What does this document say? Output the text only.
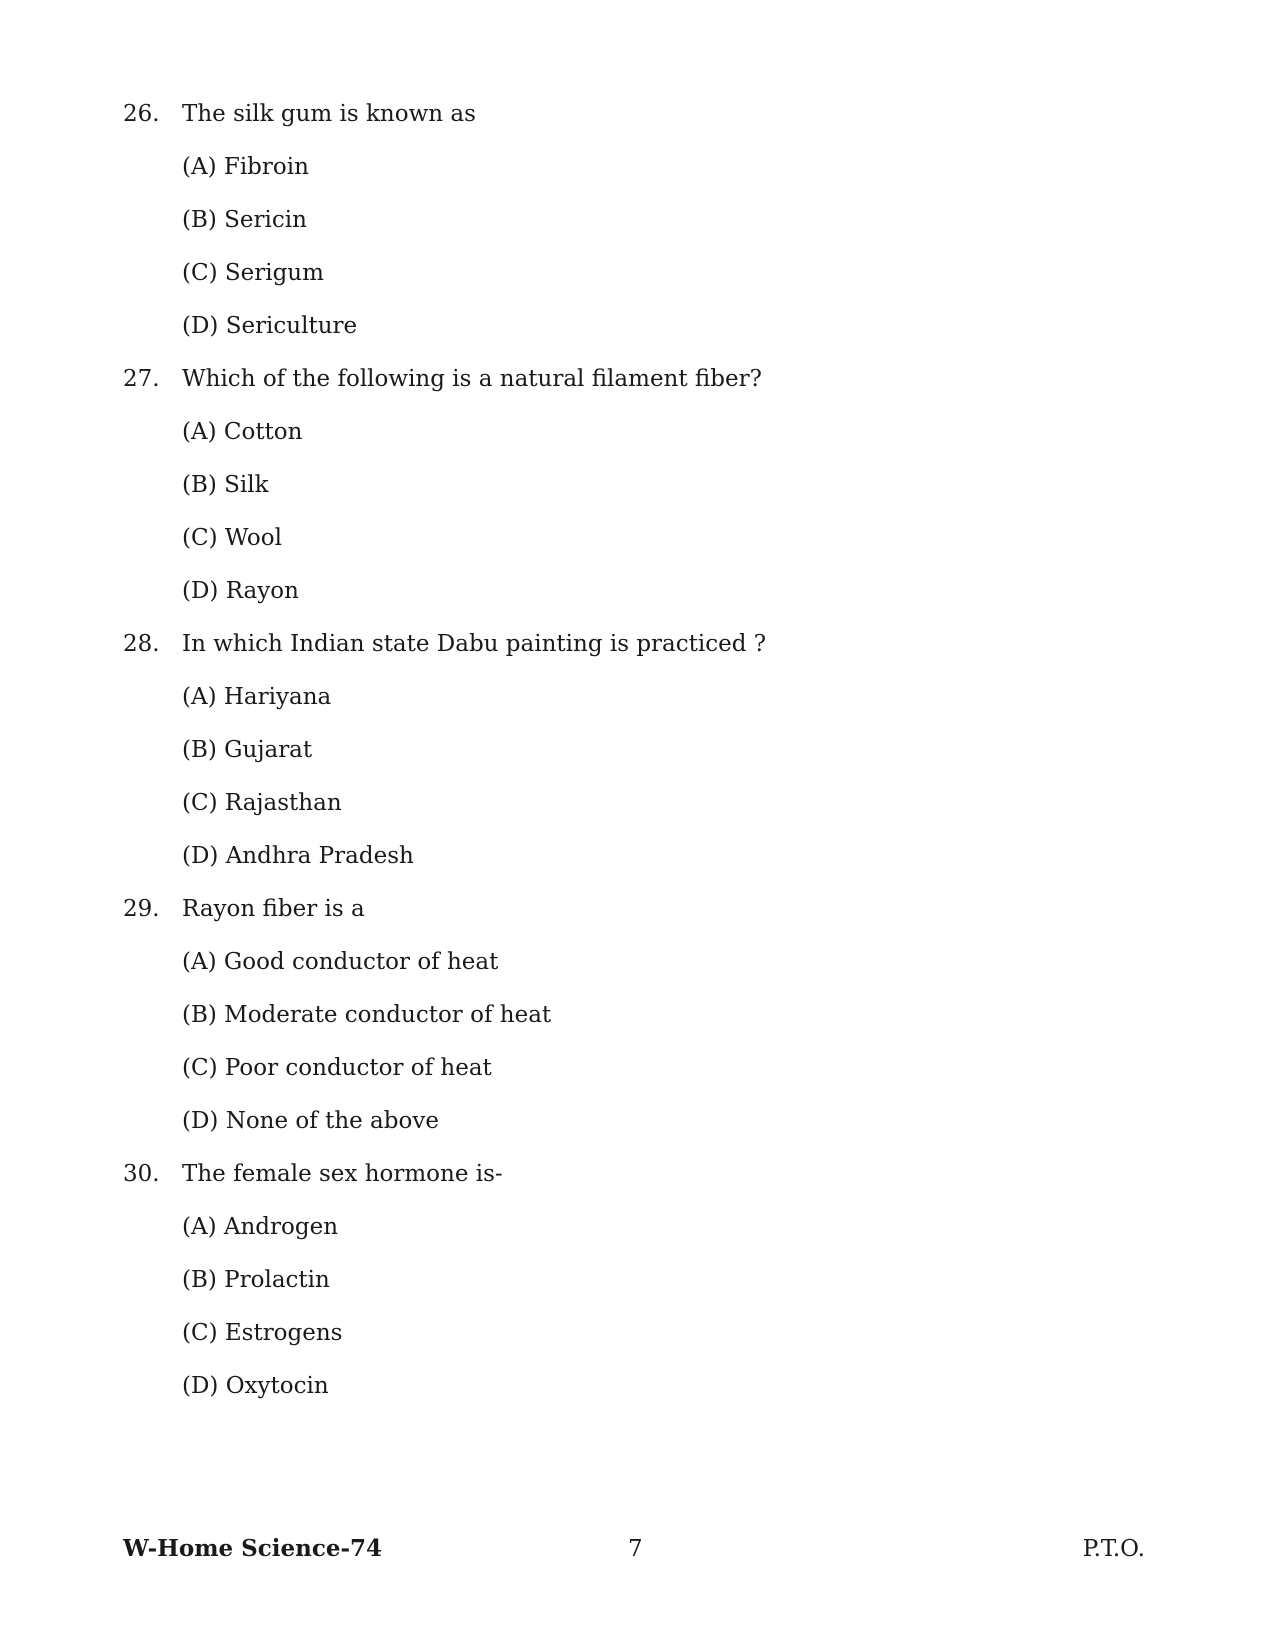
26. The silk gum is known as
(A) Fibroin
(B) Sericin
(C) Serigum
(D) Sericulture
27. Which of the following is a natural filament fiber?
(A) Cotton
(B) Silk
(C) Wool
(D) Rayon
28. In which Indian state Dabu painting is practiced ?
(A) Hariyana
(B) Gujarat
(C) Rajasthan
(D) Andhra Pradesh
29. Rayon fiber is a
(A) Good conductor of heat
(B) Moderate conductor of heat
(C) Poor conductor of heat
(D) None of the above
30. The female sex hormone is-
(A) Androgen
(B) Prolactin
(C) Estrogens
(D) Oxytocin
W-Home Science-74	7	P.T.O.
